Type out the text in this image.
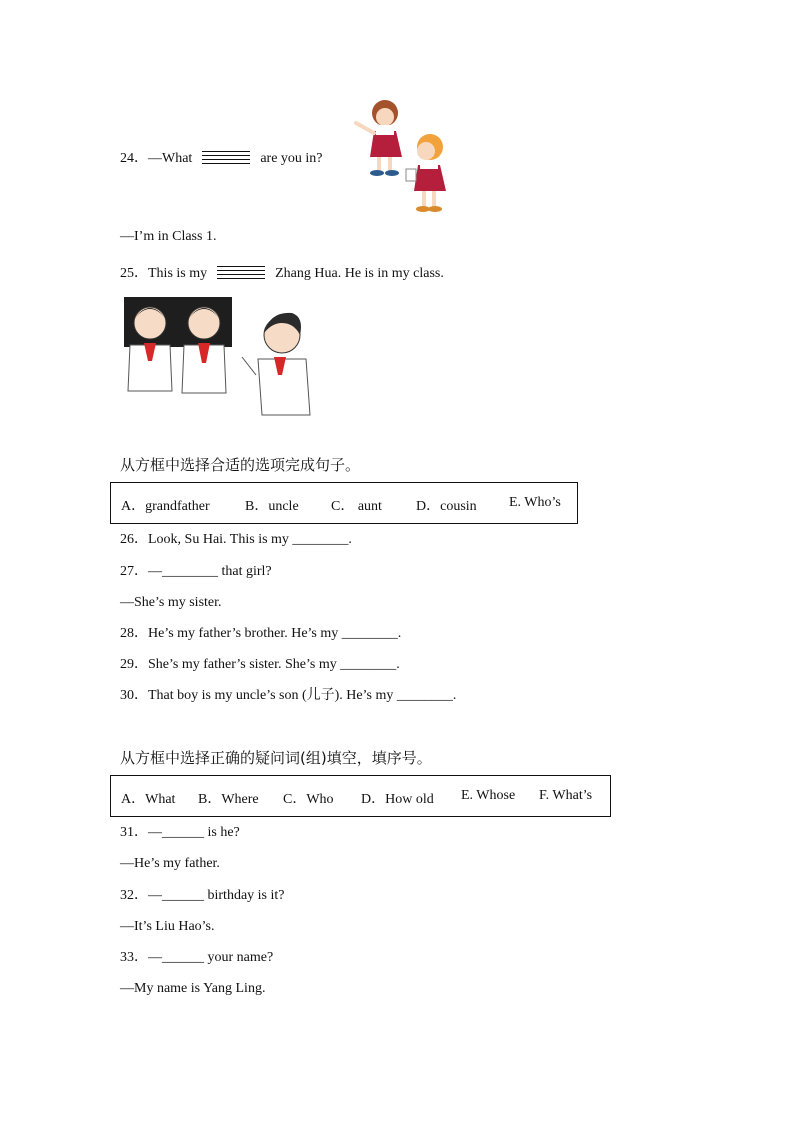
24．—What	are you in?
—I’m in Class 1.
25．This is my	Zhang Hua. He is in my class.
从方框中选择合适的选项完成句子。
A．grandfather	B．uncle C． aunt D．cousin E. Who’s
26．Look, Su Hai. This is my ________.
27．—________ that girl?
—She’s my sister.
28．He’s my father’s brother. He’s my ________.
29．She’s my father’s sister. She’s my ________.
30．That boy is my uncle’s son (儿子). He’s my ________.
从方框中选择正确的疑问词(组)填空，填序号。
A．What B．Where C．Who D．How old E. Whose F. What’s
31．—______ is he?
—He’s my father.
32．—______ birthday is it?
—It’s Liu Hao’s.
33．—______ your name?
—My name is Yang Ling.
